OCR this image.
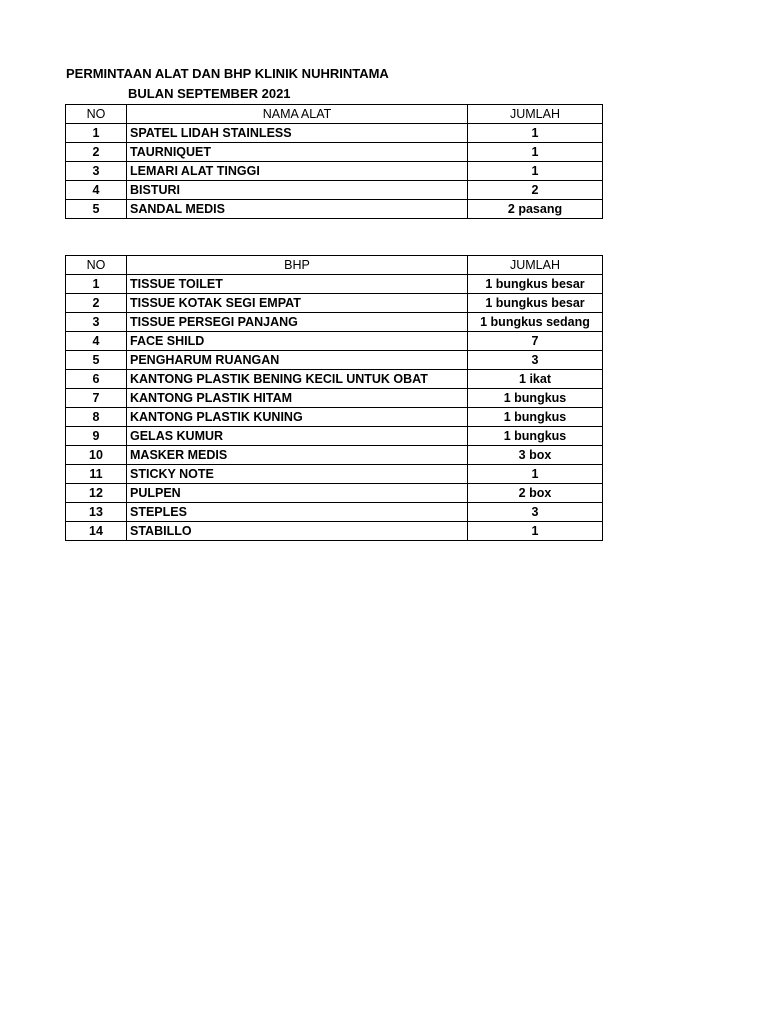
PERMINTAAN ALAT DAN BHP KLINIK NUHRINTAMA
BULAN SEPTEMBER 2021
NO	NAMA ALAT	JUMLAH
1	SPATEL LIDAH STAINLESS	1
2	TAURNIQUET	1
3	LEMARI ALAT TINGGI	1
4	BISTURI	2
5	SANDAL MEDIS	2 pasang
NO	BHP	JUMLAH
1	TISSUE TOILET	1 bungkus besar
2	TISSUE KOTAK SEGI EMPAT	1 bungkus besar
3	TISSUE PERSEGI PANJANG	1 bungkus sedang
4	FACE SHILD	7
5	PENGHARUM RUANGAN	3
6	KANTONG PLASTIK BENING KECIL UNTUK OBAT	1 ikat
7	KANTONG PLASTIK HITAM	1 bungkus
8	KANTONG PLASTIK KUNING	1 bungkus
9	GELAS KUMUR	1 bungkus
10	MASKER MEDIS	3 box
11	STICKY NOTE	1
12	PULPEN	2 box
13	STEPLES	3
14	STABILLO	1
